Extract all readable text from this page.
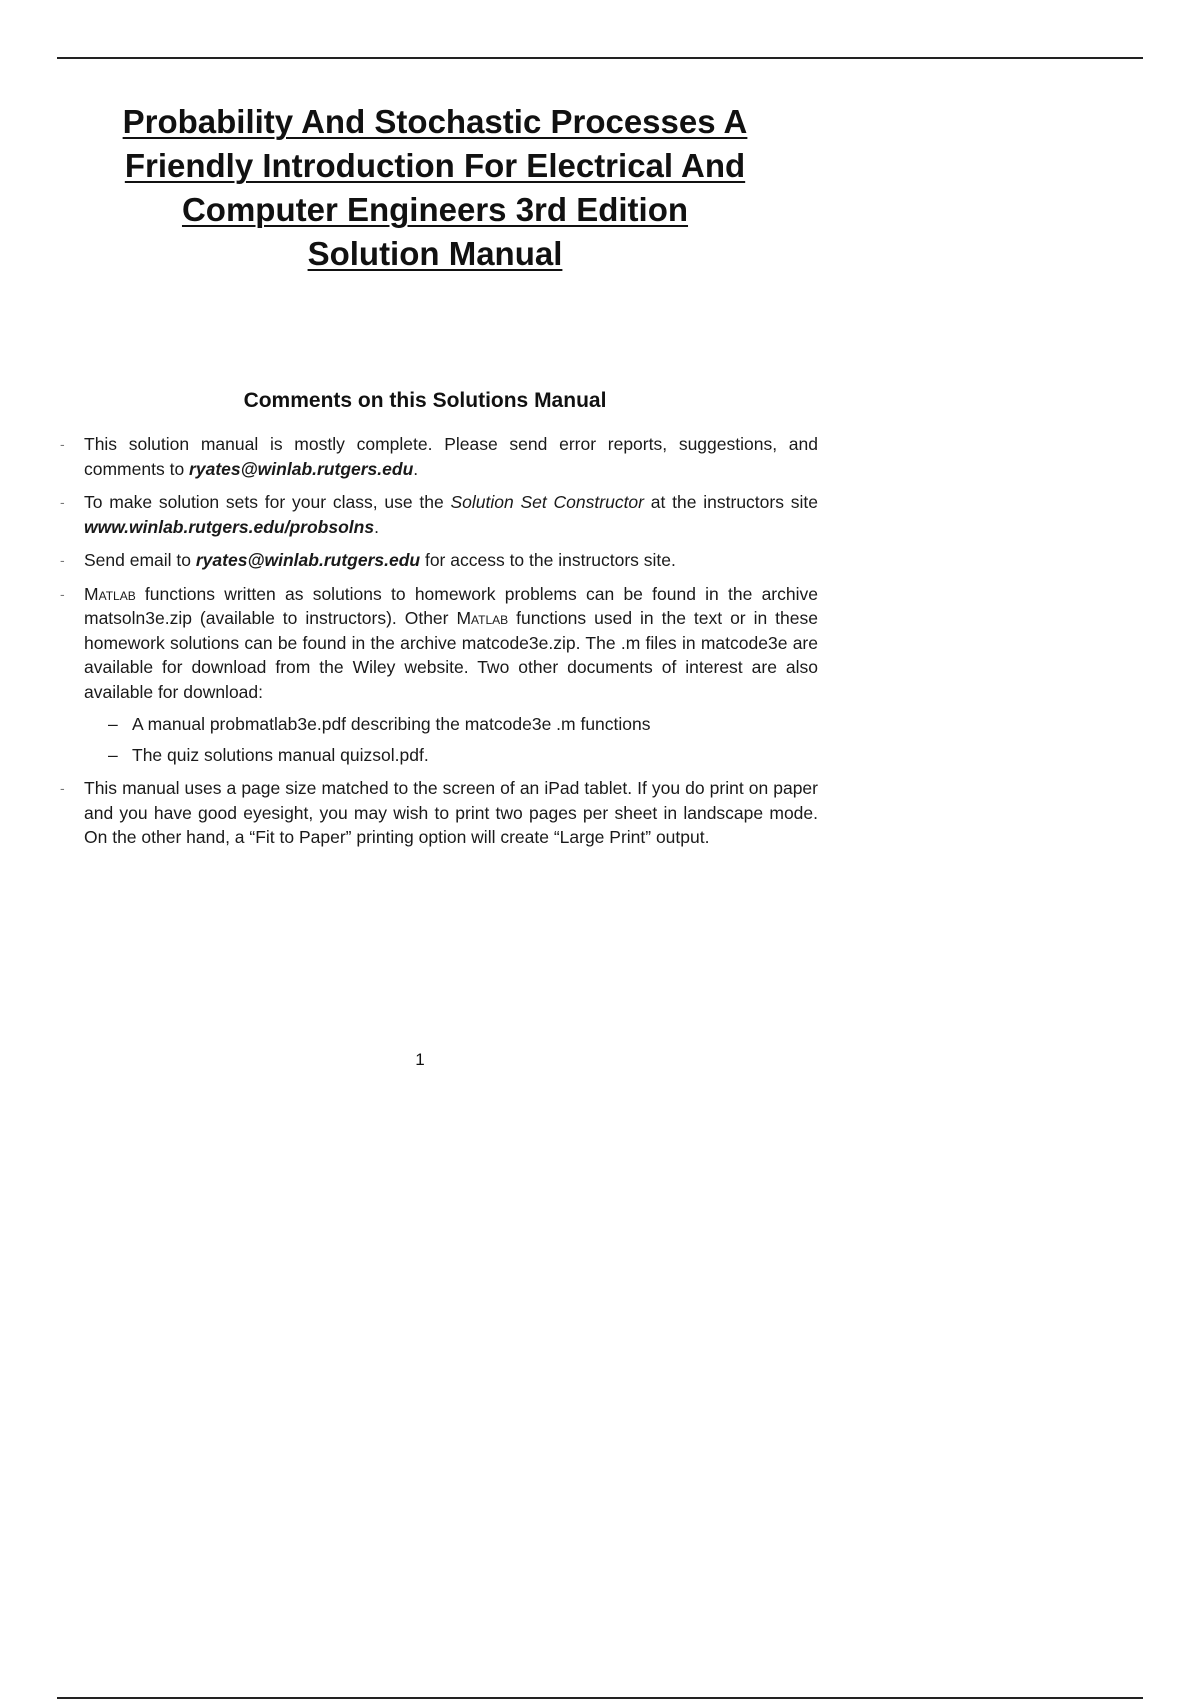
Probability And Stochastic Processes A
Friendly Introduction For Electrical And
Computer Engineers 3rd Edition
Solution Manual
Comments on this Solutions Manual
-	This solution manual is mostly complete. Please send error reports, suggestions, and comments to ryates@winlab.rutgers.edu.
-	To make solution sets for your class, use the Solution Set Constructor at the instructors site www.winlab.rutgers.edu/probsolns.
-	Send email to ryates@winlab.rutgers.edu for access to the instructors site.
-	Matlab functions written as solutions to homework problems can be found in the archive matsoln3e.zip (available to instructors). Other Matlab functions used in the text or in these homework solutions can be found in the archive matcode3e.zip. The .m files in matcode3e are available for download from the Wiley website. Two other documents of interest are also available for download:
– A manual probmatlab3e.pdf describing the matcode3e .m functions
– The quiz solutions manual quizsol.pdf.
-	This manual uses a page size matched to the screen of an iPad tablet. If you do print on paper and you have good eyesight, you may wish to print two pages per sheet in landscape mode. On the other hand, a “Fit to Paper” printing option will create “Large Print” output.
1
